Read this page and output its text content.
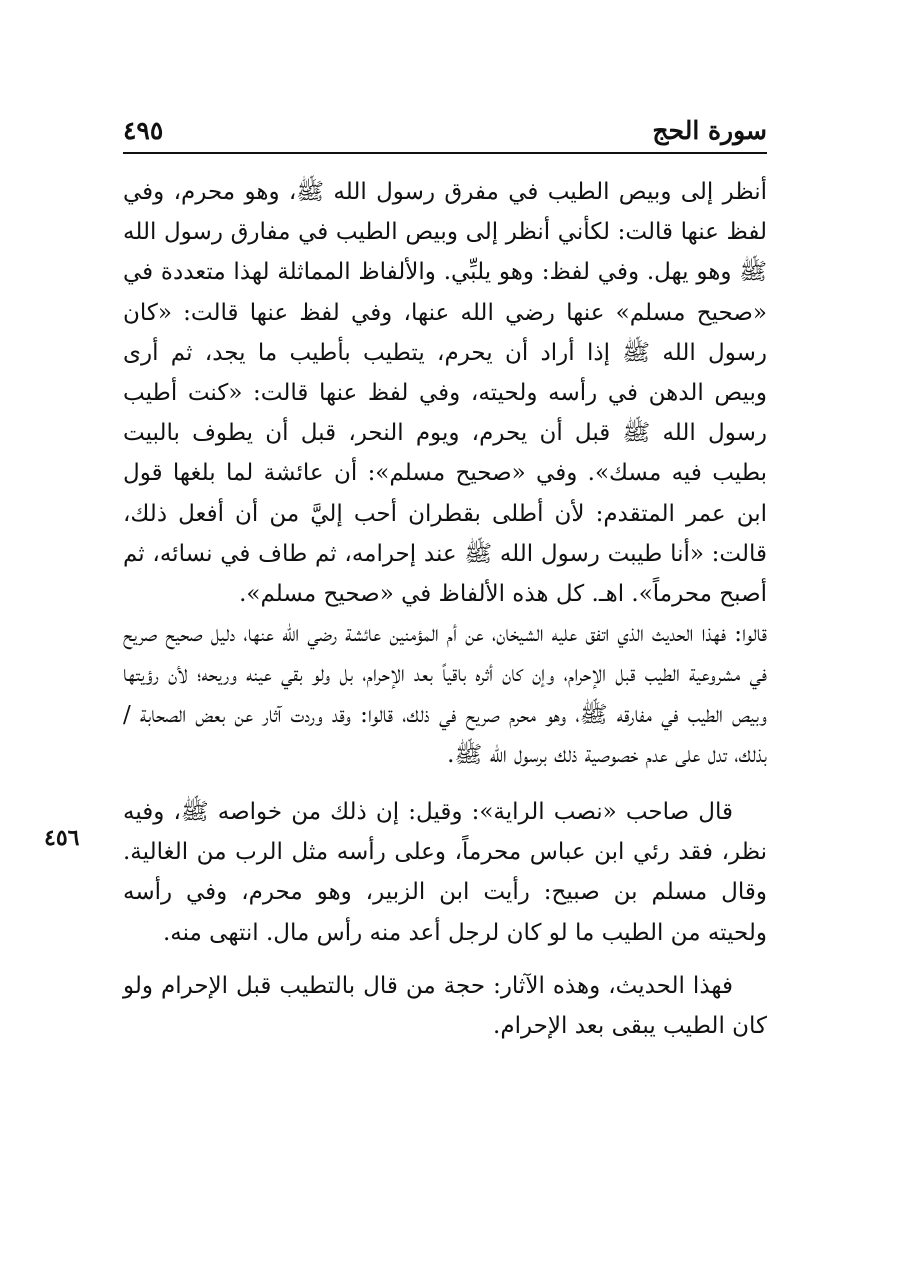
سورة الحج
٤٩٥
٤٥٦

أنظر إلى وبيص الطيب في مفرق رسول الله ﷺ، وهو محرم، وفي لفظ عنها قالت: لكأني أنظر إلى وبيص الطيب في مفارق رسول الله ﷺ وهو يهل. وفي لفظ: وهو يلبِّي. والألفاظ المماثلة لهذا متعددة في «صحيح مسلم» عنها رضي الله عنها، وفي لفظ عنها قالت: «كان رسول الله ﷺ إذا أراد أن يحرم، يتطيب بأطيب ما يجد، ثم أرى وبيص الدهن في رأسه ولحيته، وفي لفظ عنها قالت: «كنت أطيب رسول الله ﷺ قبل أن يحرم، ويوم النحر، قبل أن يطوف بالبيت بطيب فيه مسك». وفي «صحيح مسلم»: أن عائشة لما بلغها قول ابن عمر المتقدم: لأن أطلى بقطران أحب إليَّ من أن أفعل ذلك، قالت: «أنا طيبت رسول الله ﷺ عند إحرامه، ثم طاف في نسائه، ثم أصبح محرماً». اهـ. كل هذه الألفاظ في «صحيح مسلم».

قالوا: فهذا الحديث الذي اتفق عليه الشيخان، عن أم المؤمنين عائشة رضي الله عنها، دليل صحيح صريح في مشروعية الطيب قبل الإحرام، وإن كان أثره باقياً بعد الإحرام، بل ولو بقي عينه وريحه؛ لأن رؤيتها وبيص الطيب في مفارقه ﷺ، وهو محرم صريح في ذلك، قالوا: وقد وردت آثار عن بعض الصحابة /بذلك، تدل على عدم خصوصية ذلك برسول الله ﷺ.

قال صاحب «نصب الراية»: وقيل: إن ذلك من خواصه ﷺ، وفيه نظر، فقد رئي ابن عباس محرماً، وعلى رأسه مثل الرب من الغالية. وقال مسلم بن صبيح: رأيت ابن الزبير، وهو محرم، وفي رأسه ولحيته من الطيب ما لو كان لرجل أعد منه رأس مال. انتهى منه.

فهذا الحديث، وهذه الآثار: حجة من قال بالتطيب قبل الإحرام ولو كان الطيب يبقى بعد الإحرام.
